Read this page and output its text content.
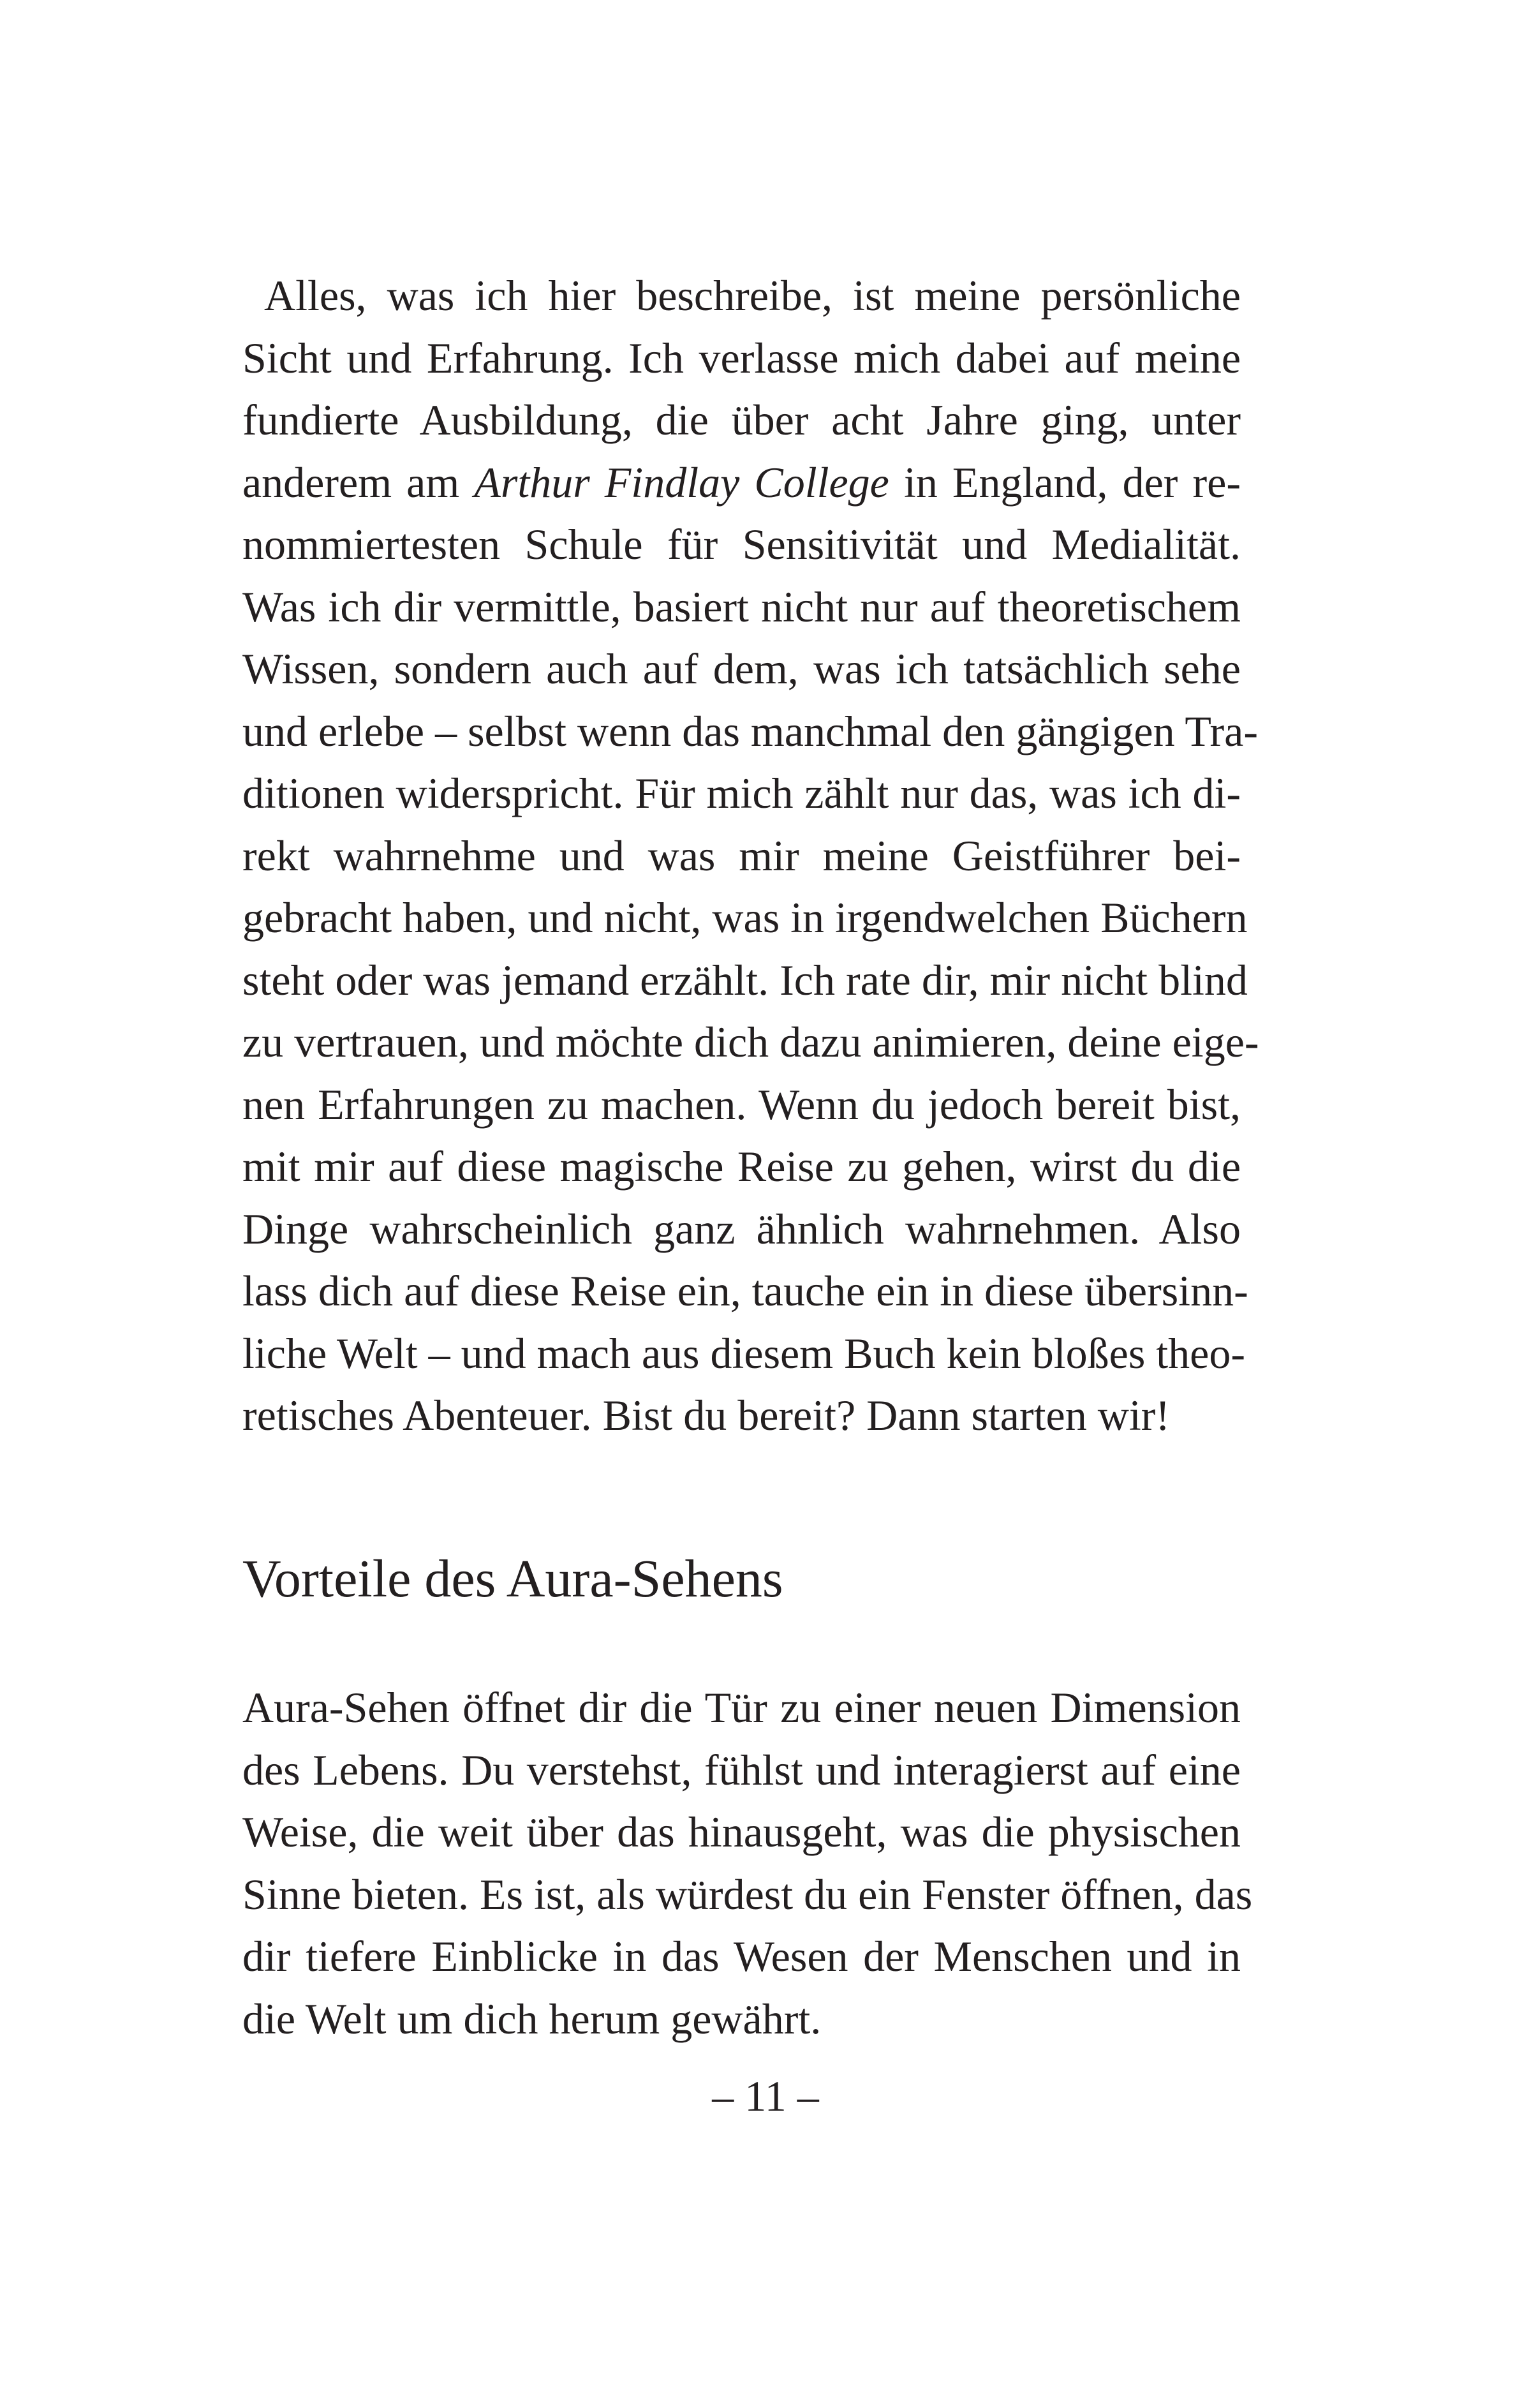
Alles, was ich hier beschreibe, ist meine persönliche
Sicht und Erfahrung. Ich verlasse mich dabei auf meine
fundierte Ausbildung, die über acht Jahre ging, unter
anderem am Arthur Findlay College in England, der re-
nommiertesten Schule für Sensitivität und Medialität.
Was ich dir vermittle, basiert nicht nur auf theoretischem
Wissen, sondern auch auf dem, was ich tatsächlich sehe
und erlebe – selbst wenn das manchmal den gängigen Tra-
ditionen widerspricht. Für mich zählt nur das, was ich di-
rekt wahrnehme und was mir meine Geistführer bei-
gebracht haben, und nicht, was in irgendwelchen Büchern
steht oder was jemand erzählt. Ich rate dir, mir nicht blind
zu vertrauen, und möchte dich dazu animieren, deine eige-
nen Erfahrungen zu machen. Wenn du jedoch bereit bist,
mit mir auf diese magische Reise zu gehen, wirst du die
Dinge wahrscheinlich ganz ähnlich wahrnehmen. Also
lass dich auf diese Reise ein, tauche ein in diese übersinn-
liche Welt – und mach aus diesem Buch kein bloßes theo-
retisches Abenteuer. Bist du bereit? Dann starten wir!
Vorteile des Aura-Sehens
Aura-Sehen öffnet dir die Tür zu einer neuen Dimension
des Lebens. Du verstehst, fühlst und interagierst auf eine
Weise, die weit über das hinausgeht, was die physischen
Sinne bieten. Es ist, als würdest du ein Fenster öffnen, das
dir tiefere Einblicke in das Wesen der Menschen und in
die Welt um dich herum gewährt.
– 11 –
